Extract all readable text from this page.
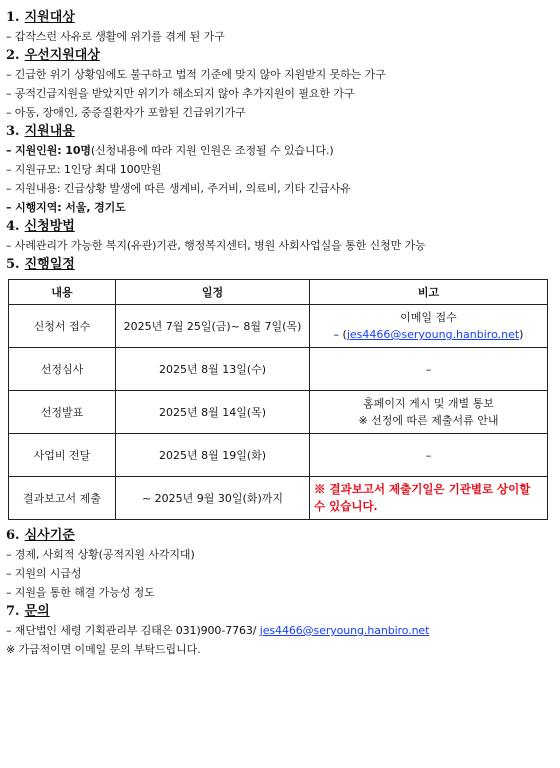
1. 지원대상
– 갑작스런 사유로 생활에 위기를 겪게 된 가구
2. 우선지원대상
– 긴급한 위기 상황임에도 불구하고 법적 기준에 맞지 않아 지원받지 못하는 가구
– 공적긴급지원을 받았지만 위기가 해소되지 않아 추가지원이 필요한 가구
– 아동, 장애인, 중증질환자가 포함된 긴급위기가구
3. 지원내용
– 지원인원: 10명(신청내용에 따라 지원 인원은 조정될 수 있습니다.)
– 지원규모: 1인당 최대 100만원
– 지원내용: 긴급상황 발생에 따른 생계비, 주거비, 의료비, 기타 긴급사유
– 시행지역: 서울, 경기도
4. 신청방법
– 사례관리가 가능한 복지(유관)기관, 행정복지센터, 병원 사회사업실을 통한 신청만 가능
5. 진행일정
내용	일정	비고
신청서 접수	2025년 7월 25일(금)~ 8월 7일(목)	이메일 접수
– (jes4466@seryoung.hanbiro.net)

선정심사	2025년 8월 13일(수)	–
선정발표	2025년 8월 14일(목)	홈페이지 게시 및 개별 통보
※ 선정에 따른 제출서류 안내

사업비 전달	2025년 8월 19일(화)	–
결과보고서 제출	~ 2025년 9월 30일(화)까지	※ 결과보고서 제출기일은 기관별로 상이할 수 있습니다.
6. 심사기준
– 경제, 사회적 상황(공적지원 사각지대)
– 지원의 시급성
– 지원을 통한 해결 가능성 정도
7. 문의
– 재단법인 세령 기획관리부 김태은 031)900-7763/ jes4466@seryoung.hanbiro.net
※ 가급적이면 이메일 문의 부탁드립니다.
